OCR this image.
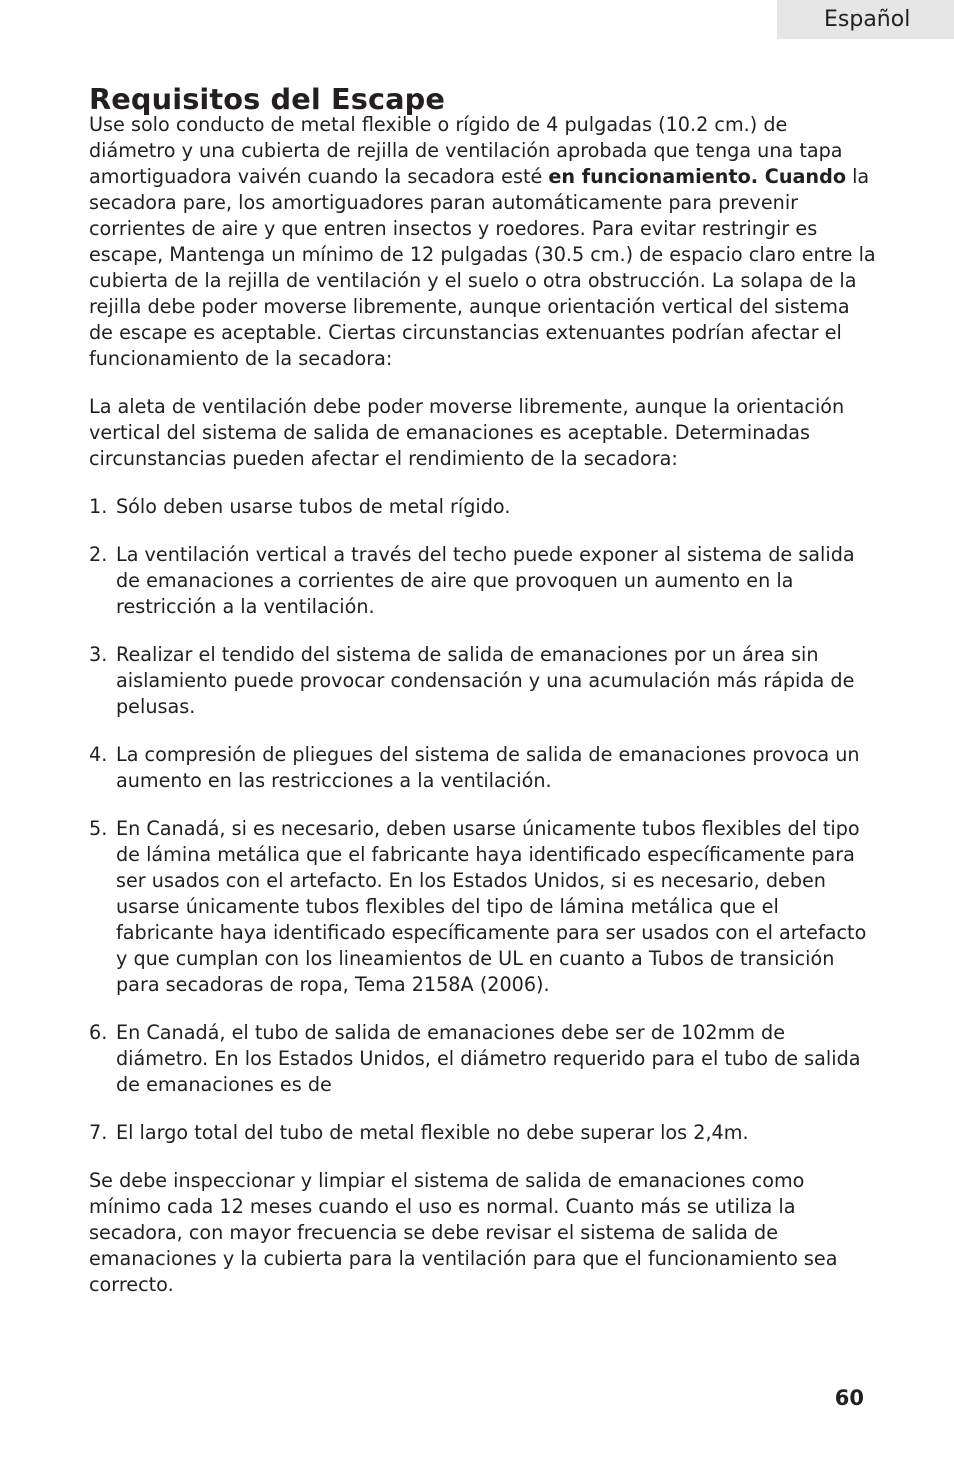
Español
Requisitos del Escape

Use solo conducto de metal flexible o rígido de 4 pulgadas (10.2 cm.) de diámetro y una cubierta de rejilla de ventilación aprobada que tenga una tapa amortiguadora vaivén cuando la secadora esté en funcionamiento. Cuando la secadora pare, los amortiguadores paran automáticamente para prevenir corrientes de aire y que entren insectos y roedores. Para evitar restringir es escape, Mantenga un mínimo de 12 pulgadas (30.5 cm.) de espacio claro entre la cubierta de la rejilla de ventilación y el suelo o otra obstrucción. La solapa de la rejilla debe poder moverse libremente, aunque orientación vertical del sistema de escape es aceptable. Ciertas circunstancias extenuantes podrían afectar el funcionamiento de la secadora:

La aleta de ventilación debe poder moverse libremente, aunque la orientación vertical del sistema de salida de emanaciones es aceptable. Determinadas circunstancias pueden afectar el rendimiento de la secadora:

1. Sólo deben usarse tubos de metal rígido.
2. La ventilación vertical a través del techo puede exponer al sistema de salida de emanaciones a corrientes de aire que provoquen un aumento en la restricción a la ventilación.
3. Realizar el tendido del sistema de salida de emanaciones por un área sin aislamiento puede provocar condensación y una acumulación más rápida de pelusas.
4. La compresión de pliegues del sistema de salida de emanaciones provoca un aumento en las restricciones a la ventilación.
5. En Canadá, si es necesario, deben usarse únicamente tubos flexibles del tipo de lámina metálica que el fabricante haya identificado específicamente para ser usados con el artefacto. En los Estados Unidos, si es necesario, deben usarse únicamente tubos flexibles del tipo de lámina metálica que el fabricante haya identificado específicamente para ser usados con el artefacto y que cumplan con los lineamientos de UL en cuanto a Tubos de transición para secadoras de ropa, Tema 2158A (2006).
6. En Canadá, el tubo de salida de emanaciones debe ser de 102mm de diámetro. En los Estados Unidos, el diámetro requerido para el tubo de salida de emanaciones es de
7. El largo total del tubo de metal flexible no debe superar los 2,4m.

Se debe inspeccionar y limpiar el sistema de salida de emanaciones como mínimo cada 12 meses cuando el uso es normal. Cuanto más se utiliza la secadora, con mayor frecuencia se debe revisar el sistema de salida de emanaciones y la cubierta para la ventilación para que el funcionamiento sea correcto.

60
